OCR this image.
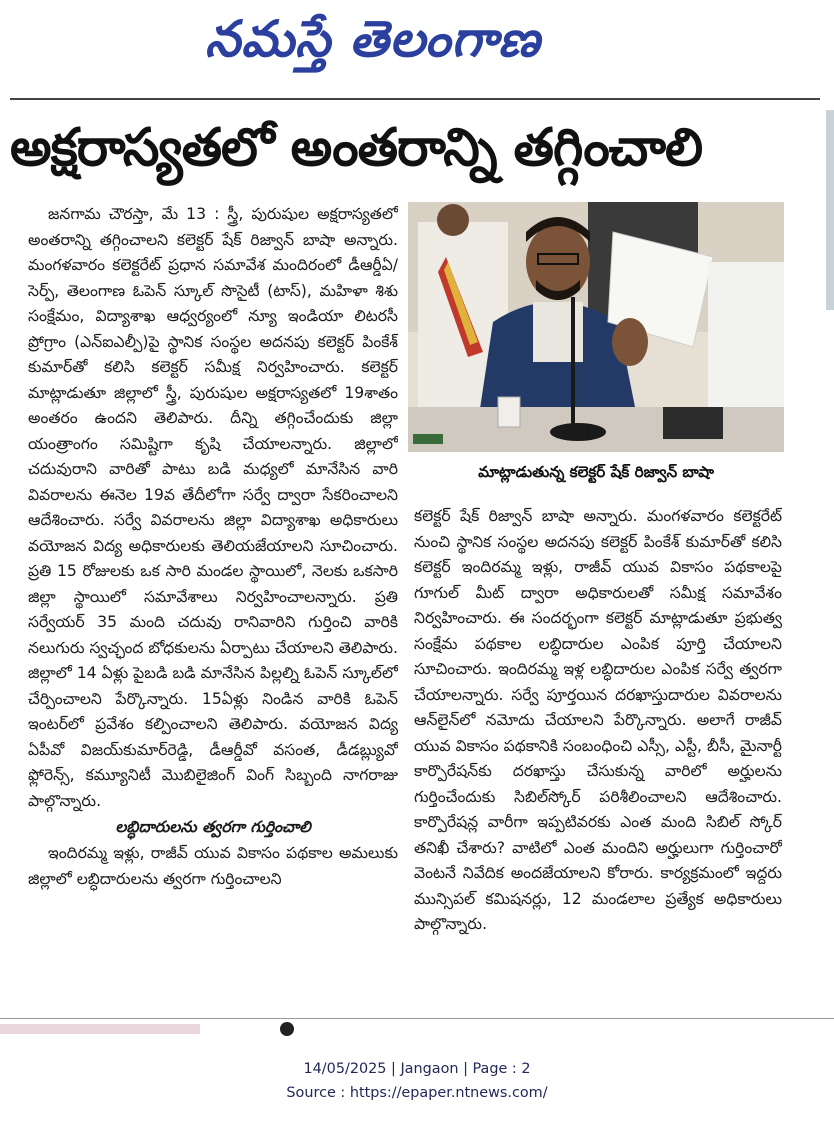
నమస్తే తెలంగాణ
అక్షరాస్యతలో అంతరాన్ని తగ్గించాలి

జనగామ చౌరస్తా, మే 13 : స్త్రీ, పురుషుల అక్షరాస్యతలో అంతరాన్ని తగ్గించాలని కలెక్టర్ షేక్ రిజ్వాన్ బాషా అన్నారు. మంగళవారం కలెక్టరేట్ ప్రధాన సమావేశ మందిరంలో డీఆర్డీఏ/సెర్ప్, తెలంగాణ ఓపెన్ స్కూల్ సొసైటీ (టాస్), మహిళా శిశు సంక్షేమం, విద్యాశాఖ ఆధ్వర్యంలో న్యూ ఇండియా లిటరసీ ప్రోగ్రాం (ఎన్ఐఎల్పీ)పై స్థానిక సంస్థల అదనపు కలెక్టర్ పింకేశ్ కుమార్‌తో కలిసి కలెక్టర్ సమీక్ష నిర్వహించారు. కలెక్టర్ మాట్లాడుతూ జిల్లాలో స్త్రీ, పురుషుల అక్షరాస్యతలో 19శాతం అంతరం ఉందని తెలిపారు. దీన్ని తగ్గించేందుకు జిల్లా యంత్రాంగం సమిష్టిగా కృషి చేయాలన్నారు. జిల్లాలో చదువురాని వారితో పాటు బడి మధ్యలో మానేసిన వారి వివరాలను ఈనెల 19వ తేదీలోగా సర్వే ద్వారా సేకరించాలని ఆదేశించారు. సర్వే వివరాలను జిల్లా విద్యాశాఖ అధికారులు వయోజన విద్య అధికారులకు తెలియజేయాలని సూచించారు. ప్రతి 15 రోజులకు ఒక సారి మండల స్థాయిలో, నెలకు ఒకసారి జిల్లా స్థాయిలో సమావేశాలు నిర్వహించాలన్నారు. ప్రతి సర్వేయర్ 35 మంది చదువు రానివారిని గుర్తించి వారికి నలుగురు స్వచ్ఛంద బోధకులను ఏర్పాటు చేయాలని తెలిపారు. జిల్లాలో 14 ఏళ్లు పైబడి బడి మానేసిన పిల్లల్ని ఓపెన్ స్కూల్‌లో చేర్పించాలని పేర్కొన్నారు. 15ఏళ్లు నిండిన వారికి ఓపెన్ ఇంటర్‌లో ప్రవేశం కల్పించాలని తెలిపారు. వయోజన విద్య ఏపీవో విజయ్‌కుమార్‌రెడ్డి, డీఆర్డీవో వసంత, డీడబ్ల్యువో ఫ్లోరెన్స్, కమ్యూనిటీ మొబిలైజింగ్ వింగ్ సిబ్బంది నాగరాజు పాల్గొన్నారు.

లబ్ధిదారులను త్వరగా గుర్తించాలి

ఇందిరమ్మ ఇళ్లు, రాజీవ్ యువ వికాసం పథకాల అమలుకు జిల్లాలో లబ్ధిదారులను త్వరగా గుర్తించాలని

మాట్లాడుతున్న కలెక్టర్ షేక్ రిజ్వాన్ బాషా

కలెక్టర్ షేక్ రిజ్వాన్ బాషా అన్నారు. మంగళవారం కలెక్టరేట్ నుంచి స్థానిక సంస్థల అదనపు కలెక్టర్ పింకేశ్ కుమార్‌తో కలిసి కలెక్టర్ ఇందిరమ్మ ఇళ్లు, రాజీవ్ యువ వికాసం పథకాలపై గూగుల్ మీట్ ద్వారా అధికారులతో సమీక్ష సమావేశం నిర్వహించారు. ఈ సందర్భంగా కలెక్టర్ మాట్లాడుతూ ప్రభుత్వ సంక్షేమ పథకాల లబ్ధిదారుల ఎంపిక పూర్తి చేయాలని సూచించారు. ఇందిరమ్మ ఇళ్ల లబ్ధిదారుల ఎంపిక సర్వే త్వరగా చేయాలన్నారు. సర్వే పూర్తయిన దరఖాస్తుదారుల వివరాలను ఆన్‌లైన్‌లో నమోదు చేయాలని పేర్కొన్నారు. అలాగే రాజీవ్ యువ వికాసం పథకానికి సంబంధించి ఎస్సీ, ఎస్టీ, బీసీ, మైనార్టీ కార్పొరేషన్‌కు దరఖాస్తు చేసుకున్న వారిలో అర్హులను గుర్తించేందుకు సిబిల్‌స్కోర్ పరిశీలించాలని ఆదేశించారు. కార్పొరేషన్ల వారీగా ఇప్పటివరకు ఎంత మంది సిబిల్ స్కోర్ తనిఖీ చేశారు? వాటిలో ఎంత మందిని అర్హులుగా గుర్తించారో వెంటనే నివేదిక అందజేయాలని కోరారు. కార్యక్రమంలో ఇద్దరు మున్సిపల్ కమిషనర్లు, 12 మండలాల ప్రత్యేక అధికారులు పాల్గొన్నారు.

14/05/2025 | Jangaon | Page : 2
Source : https://epaper.ntnews.com/
